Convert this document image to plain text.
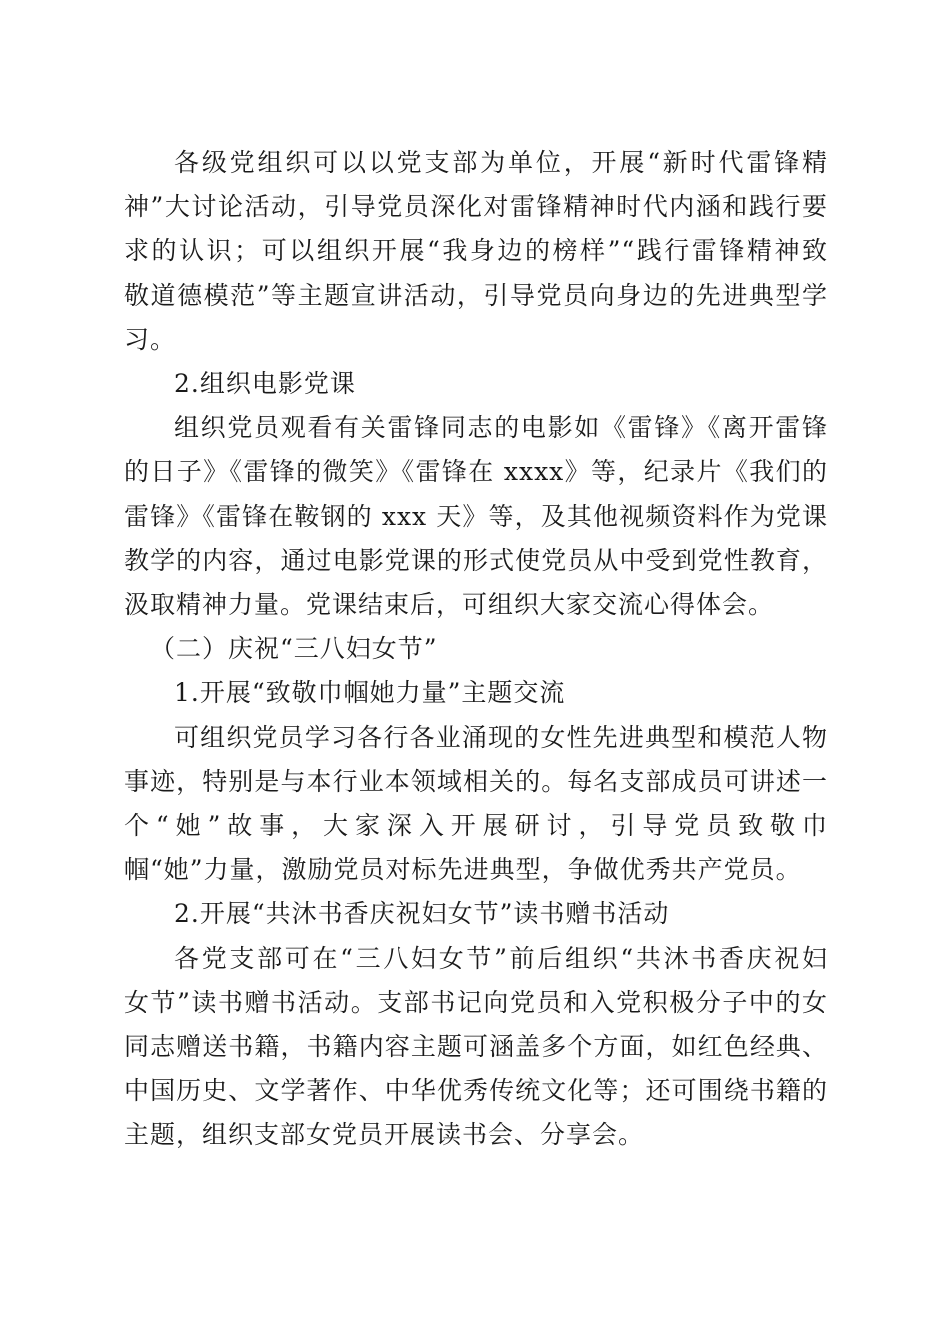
各级党组织可以以党支部为单位，开展“新时代雷锋精
神”大讨论活动，引导党员深化对雷锋精神时代内涵和践行要
求的认识；可以组织开展“我身边的榜样”“践行雷锋精神致
敬道德模范”等主题宣讲活动，引导党员向身边的先进典型学
习。
2.组织电影党课
组织党员观看有关雷锋同志的电影如《雷锋》《离开雷锋
的日子》《雷锋的微笑》《雷锋在 xxxx》等，纪录片《我们的
雷锋》《雷锋在鞍钢的 xxx 天》等，及其他视频资料作为党课
教学的内容，通过电影党课的形式使党员从中受到党性教育，
汲取精神力量。党课结束后，可组织大家交流心得体会。
（二）庆祝“三八妇女节”
1.开展“致敬巾帼她力量”主题交流
可组织党员学习各行各业涌现的女性先进典型和模范人物
事迹，特别是与本行业本领域相关的。每名支部成员可讲述一
个“她”故事，大家深入开展研讨，引导党员致敬巾
帼“她”力量，激励党员对标先进典型，争做优秀共产党员。
2.开展“共沐书香庆祝妇女节”读书赠书活动
各党支部可在“三八妇女节”前后组织“共沐书香庆祝妇
女节”读书赠书活动。支部书记向党员和入党积极分子中的女
同志赠送书籍，书籍内容主题可涵盖多个方面，如红色经典、
中国历史、文学著作、中华优秀传统文化等；还可围绕书籍的
主题，组织支部女党员开展读书会、分享会。
